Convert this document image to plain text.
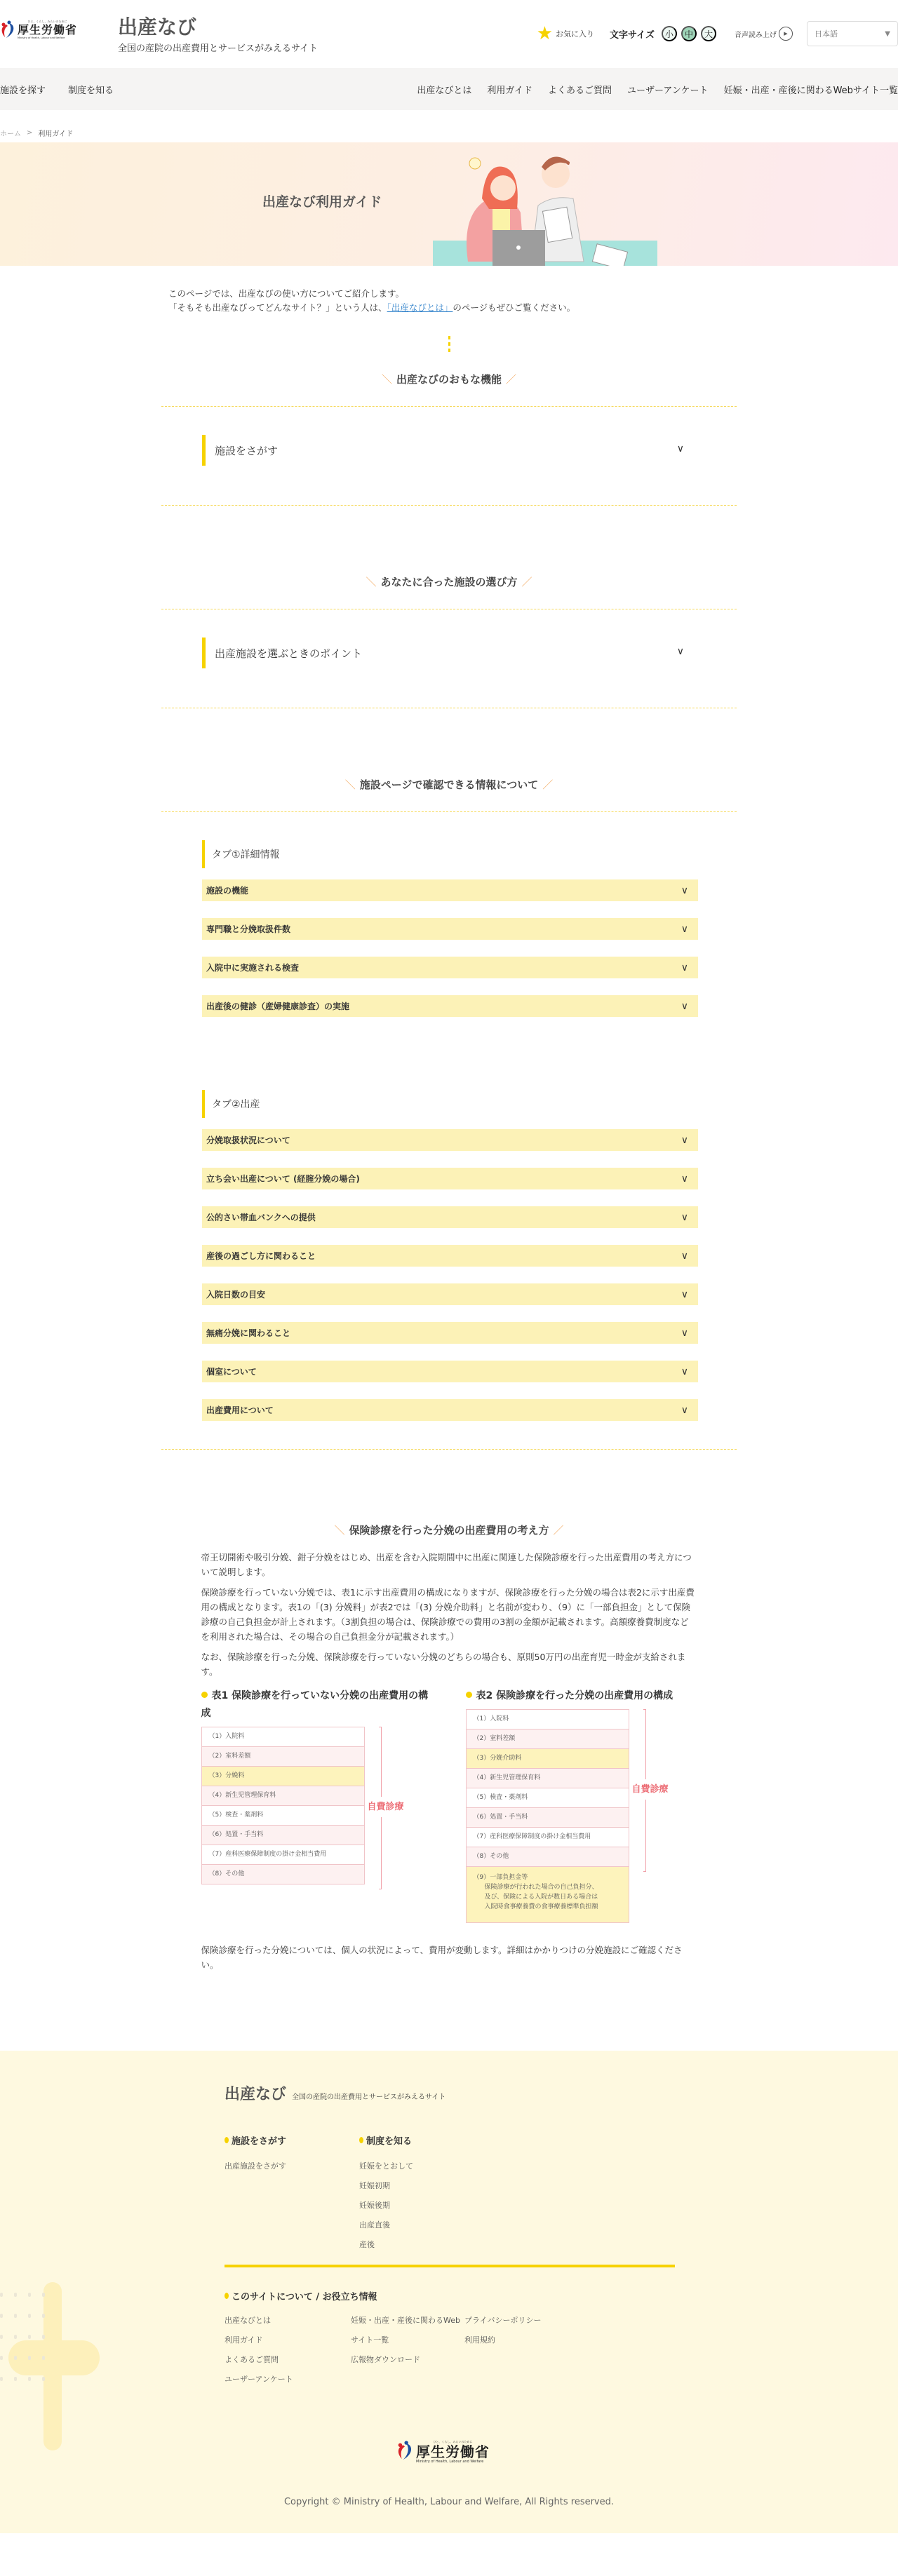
ひと、くらし、みらいのために
厚生労働省
Ministry of Health, Labour and Welfare	出産なび
全国の産院の出産費用とサービスがみえるサイト
★ お気に入り 文字サイズ	小	中	大	音声読み上げ	▶	日本語	▼
施設を探す 制度を知る	出産なびとは 利用ガイド よくあるご質問 ユーザーアンケート 妊娠・出産・産後に関わるWebサイト一覧
ホーム > 利用ガイド
出産なび利用ガイド

このページでは、出産なびの使い方についてご紹介します。

「そもそも出産なびってどんなサイト？」という人は、「出産なびとは」のページもぜひご覧ください。

＼ 出産なびのおもな機能 ／
施設をさがす	∨
＼ あなたに合った施設の選び方 ／
出産施設を選ぶときのポイント	∨
＼ 施設ページで確認できる情報について ／
タブ①詳細情報
施設の機能	∨
専門職と分娩取扱件数	∨
入院中に実施される検査	∨
出産後の健診（産婦健康診査）の実施	∨
タブ②出産
分娩取扱状況について	∨
立ち会い出産について (経腟分娩の場合)	∨
公的さい帯血バンクへの提供	∨
産後の過ごし方に関わること	∨
入院日数の目安	∨
無痛分娩に関わること	∨
個室について	∨
出産費用について	∨
＼ 保険診療を行った分娩の出産費用の考え方 ／

帝王切開術や吸引分娩、鉗子分娩をはじめ、出産を含む入院期間中に出産に関連した保険診療を行った出産費用の考え方について説明します。

保険診療を行っていない分娩では、表1に示す出産費用の構成になりますが、保険診療を行った分娩の場合は表2に示す出産費用の構成となります。表1の「(3) 分娩料」が表2では「(3) 分娩介助料」と名前が変わり、（9）に「一部負担金」として保険診療の自己負担金が計上されます。（3割負担の場合は、保険診療での費用の3割の金額が記載されます。高額療養費制度などを利用された場合は、その場合の自己負担金分が記載されます。）

なお、保険診療を行った分娩、保険診療を行っていない分娩のどちらの場合も、原則50万円の出産育児一時金が支給されます。

表1 保険診療を行っていない分娩の出産費用の構成
（1）入院料
（2）室料差額
（3）分娩料
（4）新生児管理保育料
（5）検査・薬剤料
（6）処置・手当料
（7）産科医療保障制度の掛け金相当費用
（8）その他
自費診療
表2 保険診療を行った分娩の出産費用の構成
（1）入院料
（2）室料差額
（3）分娩介助料
（4）新生児管理保育料
（5）検査・薬剤料
（6）処置・手当料
（7）産科医療保障制度の掛け金相当費用
（8）その他
（9）一部負担金等
保険診療が行われた場合の自己負担分、
及び、保険による入院が数日ある場合は
入院時食事療養費の食事療養標準負担額
自費診療

保険診療を行った分娩については、個人の状況によって、費用が変動します。詳細はかかりつけの分娩施設にご確認ください。

出産なび 全国の産院の出産費用とサービスがみえるサイト
施設をさがす
出産施設をさがす
制度を知る
妊娠をとおして
妊娠初期
妊娠後期
出産直後
産後
このサイトについて / お役立ち情報
出産なびとは
利用ガイド
よくあるご質問
ユーザーアンケート
妊娠・出産・産後に関わるWebサイト一覧
広報物ダウンロード
プライバシーポリシー
利用規約
ひと、くらし、みらいのために
厚生労働省
Ministry of Health, Labour and Welfare
Copyright © Ministry of Health, Labour and Welfare, All Rights reserved.
